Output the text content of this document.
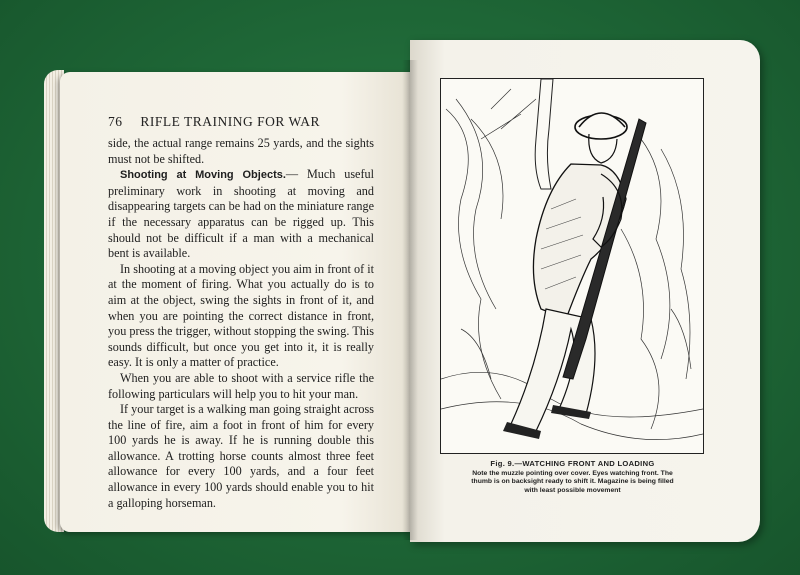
76 RIFLE TRAINING FOR WAR

side, the actual range remains 25 yards, and the sights must not be shifted.

Shooting at Moving Objects.— Much useful preliminary work in shooting at moving and disappearing targets can be had on the miniature range if the necessary apparatus can be rigged up. This should not be difficult if a man with a mechanical bent is available.

In shooting at a moving object you aim in front of it at the moment of firing. What you actually do is to aim at the object, swing the sights in front of it, and when you are pointing the correct distance in front, you press the trigger, without stopping the swing. This sounds difficult, but once you get into it, it is really easy. It is only a matter of practice.

When you are able to shoot with a service rifle the following particulars will help you to hit your man.

If your target is a walking man going straight across the line of fire, aim a foot in front of him for every 100 yards he is away. If he is running double this allowance. A trotting horse counts almost three feet allowance for every 100 yards, and a four feet allowance in every 100 yards should enable you to hit a galloping horseman.

Fig. 9.—WATCHING FRONT AND LOADING
Note the muzzle pointing over cover. Eyes watching front. The
thumb is on backsight ready to shift it. Magazine is being filled
with least possible movement
